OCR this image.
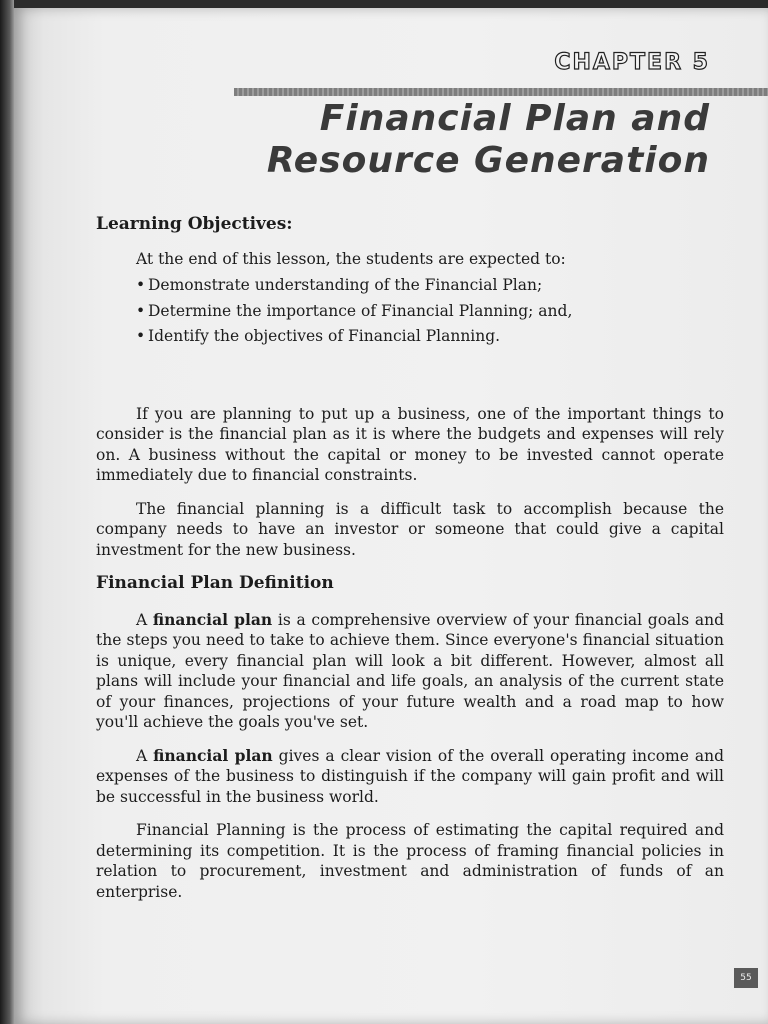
CHAPTER 5
Financial Plan and
Resource Generation
Learning Objectives:
At the end of this lesson, the students are expected to:
• Demonstrate understanding of the Financial Plan;
• Determine the importance of Financial Planning; and,
• Identify the objectives of Financial Planning.

If you are planning to put up a business, one of the important things to consider is the financial plan as it is where the budgets and expenses will rely on. A business without the capital or money to be invested cannot operate immediately due to financial constraints.

The financial planning is a difficult task to accomplish because the company needs to have an investor or someone that could give a capital investment for the new business.

Financial Plan Definition

A financial plan is a comprehensive overview of your financial goals and the steps you need to take to achieve them. Since everyone's financial situation is unique, every financial plan will look a bit different. However, almost all plans will include your financial and life goals, an analysis of the current state of your finances, projections of your future wealth and a road map to how you'll achieve the goals you've set.

A financial plan gives a clear vision of the overall operating income and expenses of the business to distinguish if the company will gain profit and will be successful in the business world.

Financial Planning is the process of estimating the capital required and determining its competition. It is the process of framing financial policies in relation to procurement, investment and administration of funds of an enterprise.

55
